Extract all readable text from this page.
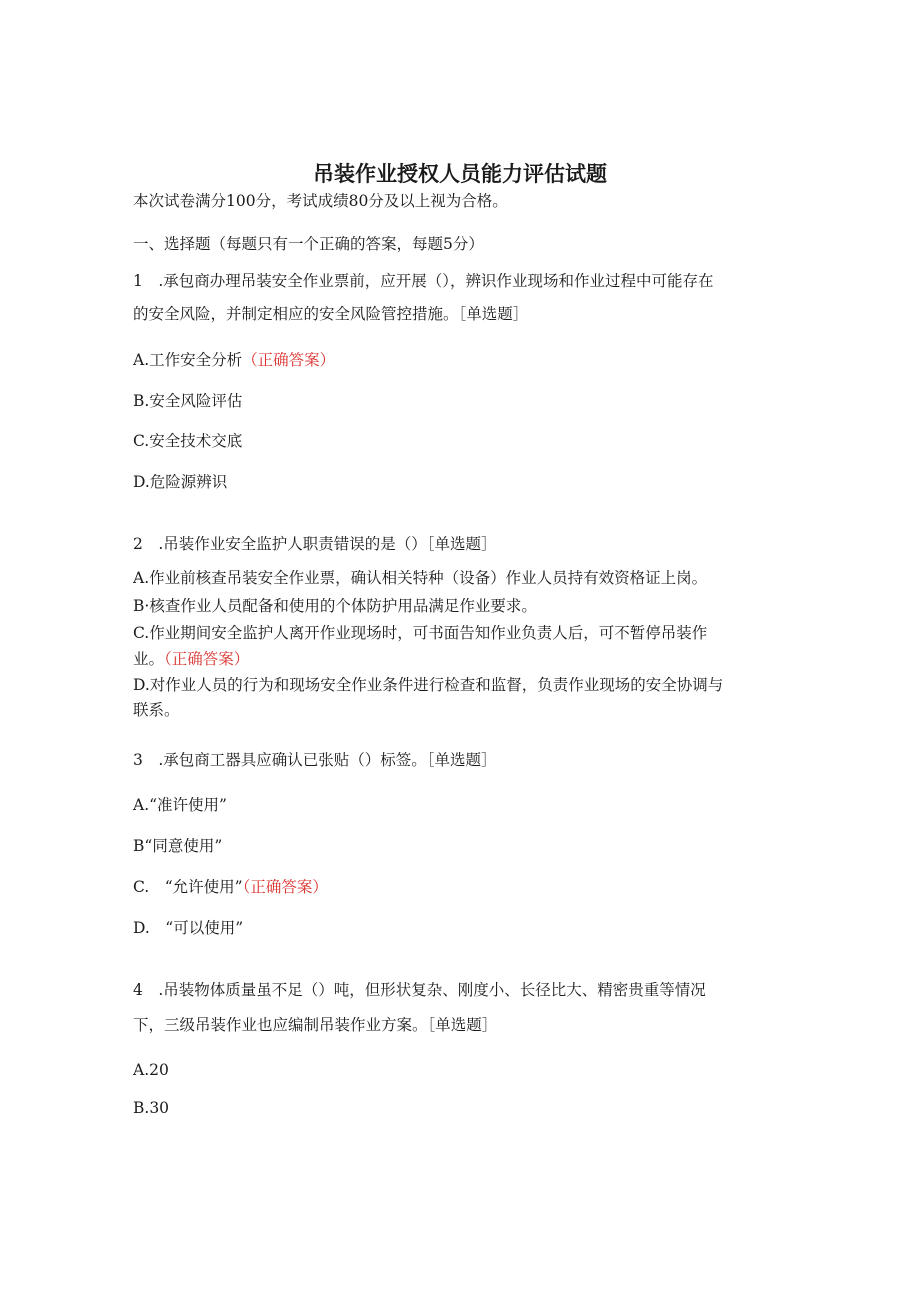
吊装作业授权人员能力评估试题

本次试卷满分100分，考试成绩80分及以上视为合格。

一、选择题（每题只有一个正确的答案，每题5分）

1　.承包商办理吊装安全作业票前，应开展（），辨识作业现场和作业过程中可能存在

的安全风险，并制定相应的安全风险管控措施。［单选题］

A.工作安全分析（正确答案）

B.安全风险评估

C.安全技术交底

D.危险源辨识

2　.吊装作业安全监护人职责错误的是（）［单选题］

A.作业前核查吊装安全作业票，确认相关特种（设备）作业人员持有效资格证上岗。

B·核查作业人员配备和使用的个体防护用品满足作业要求。

C.作业期间安全监护人离开作业现场时，可书面告知作业负责人后，可不暂停吊装作

业。（正确答案）

D.对作业人员的行为和现场安全作业条件进行检查和监督，负责作业现场的安全协调与

联系。

3　.承包商工器具应确认已张贴（）标签。［单选题］

A.“准许使用”

B“同意使用”

C.　“允许使用”（正确答案）

D.　“可以使用”

4　.吊装物体质量虽不足（）吨，但形状复杂、刚度小、长径比大、精密贵重等情况

下，三级吊装作业也应编制吊装作业方案。［单选题］

A.20

B.30
